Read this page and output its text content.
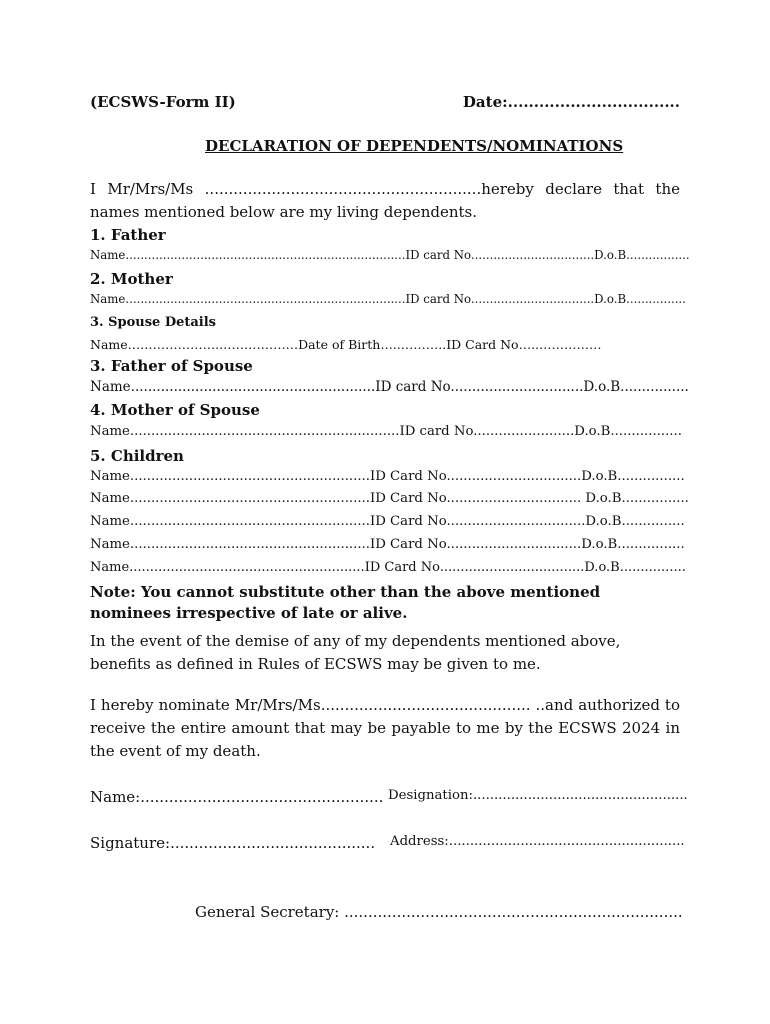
(ECSWS-Form II)	Date:.................................
DECLARATION OF DEPENDENTS/NOMINATIONS
I Mr/Mrs/Ms ..........................................................hereby declare that the names mentioned below are my living dependents.
1. Father
Name...........................................................................ID card No.................................D.o.B.................
2. Mother
Name...........................................................................ID card No.................................D.o.B................
3. Spouse Details
Name…………………..………………Date of Birth…..………..ID Card No…..……………
3. Father of Spouse
Name.........................................................ID card No...............................D.o.B................
4. Mother of Spouse
Name................................................................ID card No........................D.o.B.................
5. Children
Name.........................................................ID Card No................................D.o.B................
Name.........................................................ID Card No................................ D.o.B................
Name.........................................................ID Card No.................................D.o.B...............
Name.........................................................ID Card No................................D.o.B................
Name.........................................................ID Card No...................................D.o.B................
Note: You cannot substitute other than the above mentioned nominees irrespective of late or alive.
In the event of the demise of any of my dependents mentioned above, benefits as defined in Rules of ECSWS may be given to me.
I hereby nominate Mr/Mrs/Ms............................................ ..and authorized to receive the entire amount that may be payable to me by the ECSWS 2024 in the event of my death.
Name:................................................... Designation:...................................................
Signature:........................................... Address:........................................................
General Secretary: .......................................................................
